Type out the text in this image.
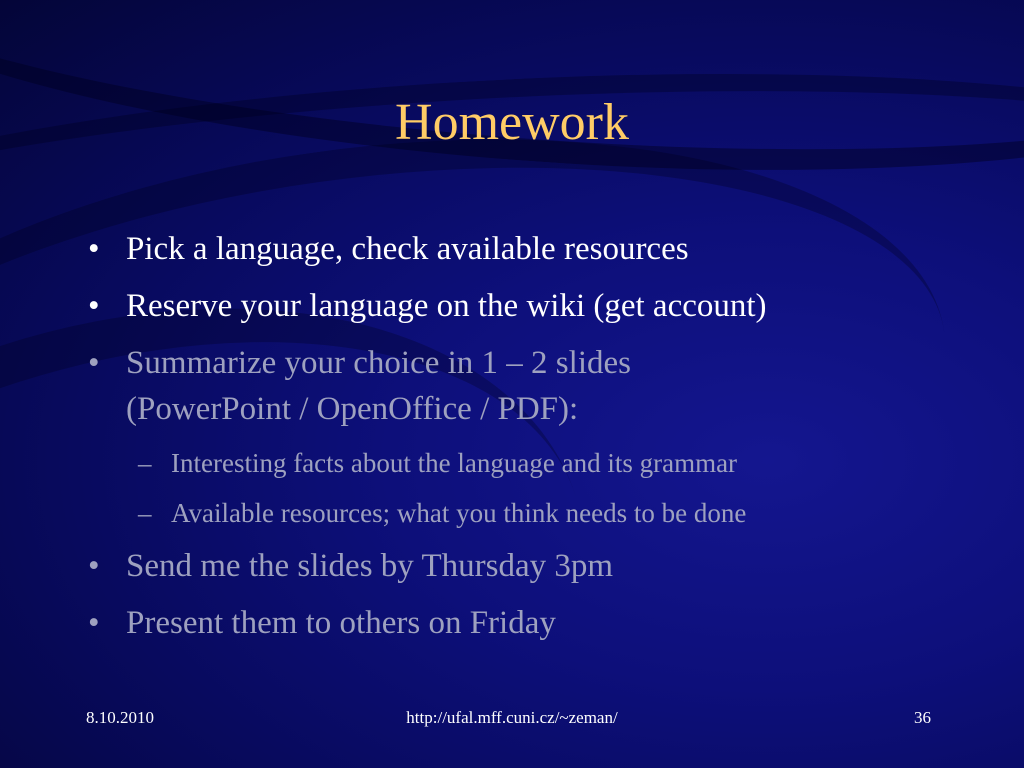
Homework
• Pick a language, check available resources
• Reserve your language on the wiki (get account)
• Summarize your choice in 1 – 2 slides
(PowerPoint / OpenOffice / PDF):
– Interesting facts about the language and its grammar
– Available resources; what you think needs to be done
• Send me the slides by Thursday 3pm
• Present them to others on Friday
8.10.2010	http://ufal.mff.cuni.cz/~zeman/	36
